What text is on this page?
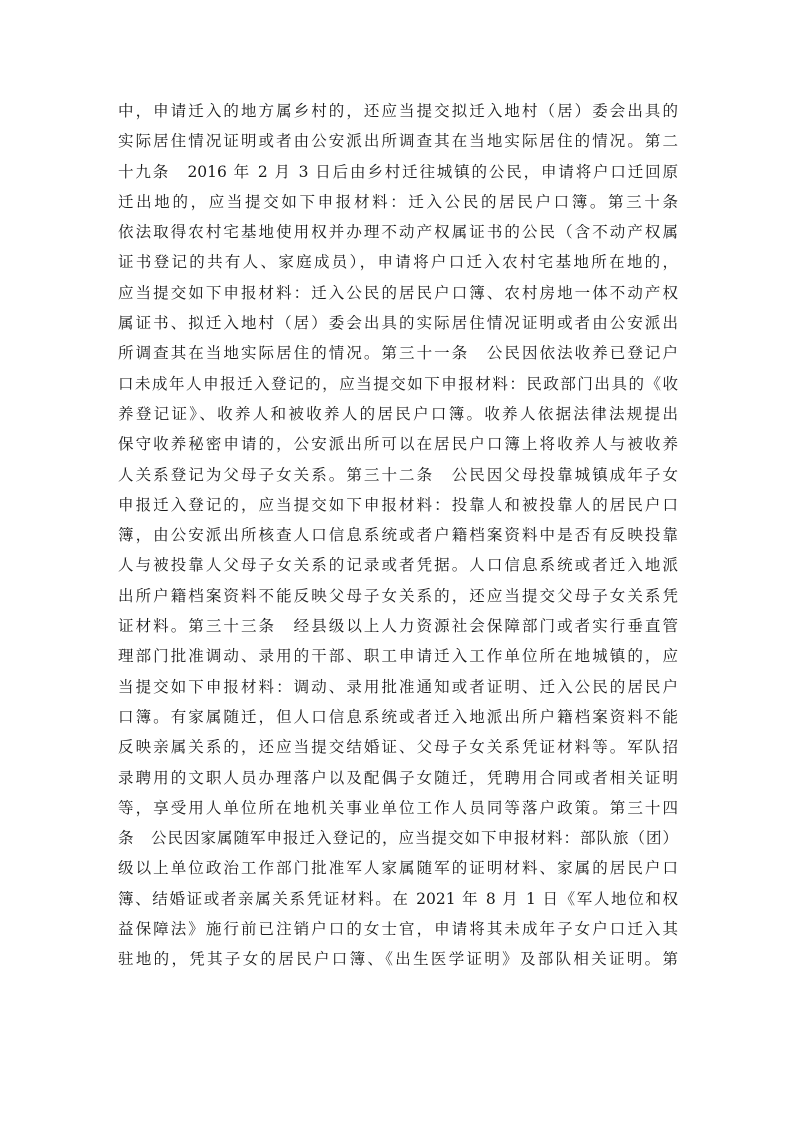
中，申请迁入的地方属乡村的，还应当提交拟迁入地村（居）委会出具的
实际居住情况证明或者由公安派出所调查其在当地实际居住的情况。第二
十九条　2016 年 2 月 3 日后由乡村迁往城镇的公民，申请将户口迁回原
迁出地的，应当提交如下申报材料：迁入公民的居民户口簿。第三十条
依法取得农村宅基地使用权并办理不动产权属证书的公民（含不动产权属
证书登记的共有人、家庭成员），申请将户口迁入农村宅基地所在地的，
应当提交如下申报材料：迁入公民的居民户口簿、农村房地一体不动产权
属证书、拟迁入地村（居）委会出具的实际居住情况证明或者由公安派出
所调查其在当地实际居住的情况。第三十一条　公民因依法收养已登记户
口未成年人申报迁入登记的，应当提交如下申报材料：民政部门出具的《收
养登记证》、收养人和被收养人的居民户口簿。收养人依据法律法规提出
保守收养秘密申请的，公安派出所可以在居民户口簿上将收养人与被收养
人关系登记为父母子女关系。第三十二条　公民因父母投靠城镇成年子女
申报迁入登记的，应当提交如下申报材料：投靠人和被投靠人的居民户口
簿，由公安派出所核查人口信息系统或者户籍档案资料中是否有反映投靠
人与被投靠人父母子女关系的记录或者凭据。人口信息系统或者迁入地派
出所户籍档案资料不能反映父母子女关系的，还应当提交父母子女关系凭
证材料。第三十三条　经县级以上人力资源社会保障部门或者实行垂直管
理部门批准调动、录用的干部、职工申请迁入工作单位所在地城镇的，应
当提交如下申报材料：调动、录用批准通知或者证明、迁入公民的居民户
口簿。有家属随迁，但人口信息系统或者迁入地派出所户籍档案资料不能
反映亲属关系的，还应当提交结婚证、父母子女关系凭证材料等。军队招
录聘用的文职人员办理落户以及配偶子女随迁，凭聘用合同或者相关证明
等，享受用人单位所在地机关事业单位工作人员同等落户政策。第三十四
条　公民因家属随军申报迁入登记的，应当提交如下申报材料：部队旅（团）
级以上单位政治工作部门批准军人家属随军的证明材料、家属的居民户口
簿、结婚证或者亲属关系凭证材料。在 2021 年 8 月 1 日《军人地位和权
益保障法》施行前已注销户口的女士官，申请将其未成年子女户口迁入其
驻地的，凭其子女的居民户口簿、《出生医学证明》及部队相关证明。第
